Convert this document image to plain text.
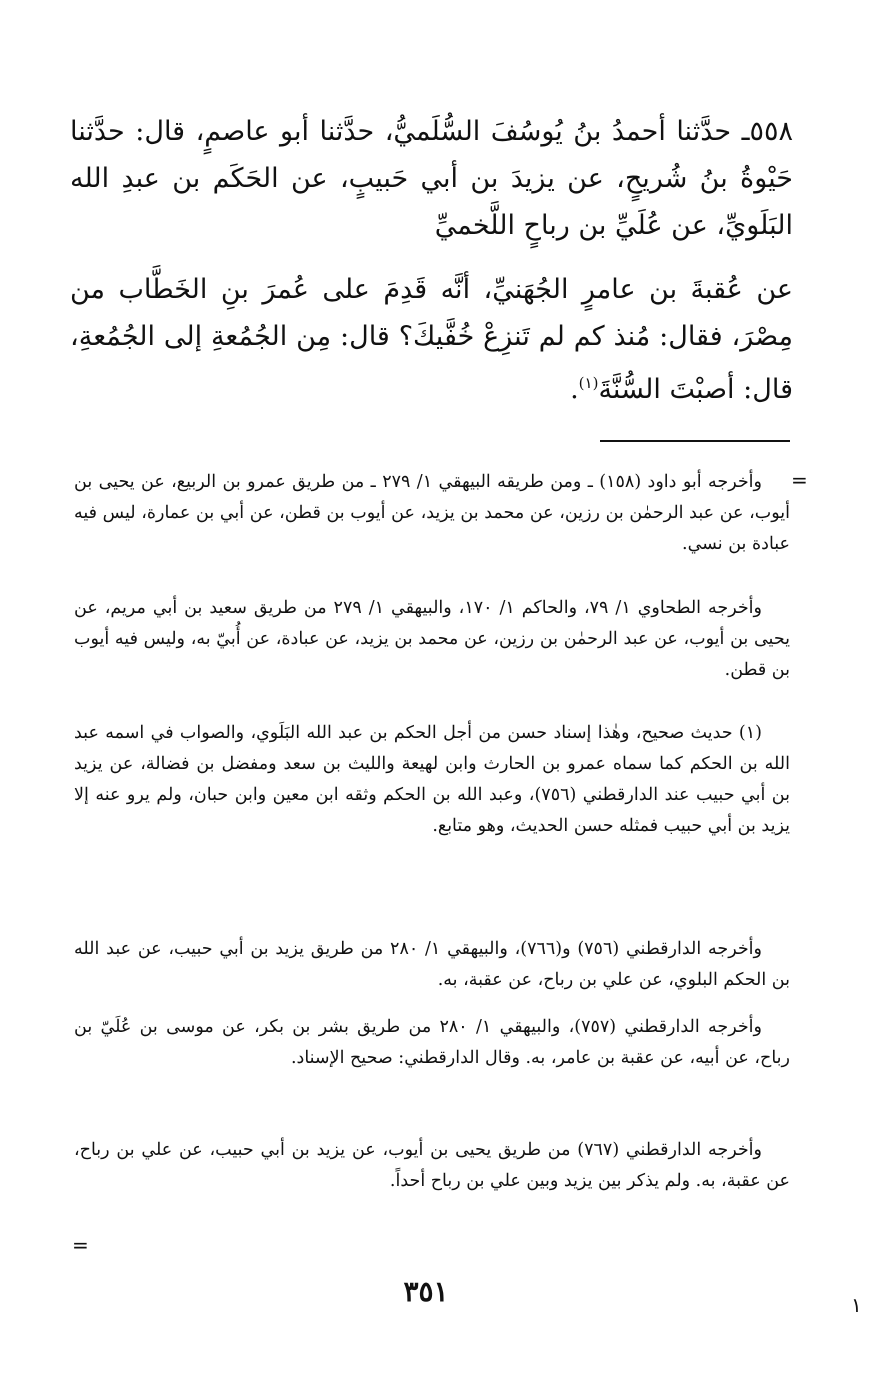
٥٥٨ـ حدَّثنا أحمدُ بنُ يُوسُفَ السُّلَميُّ، حدَّثنا أبو عاصمٍ، قال: حدَّثنا حَيْوةُ بنُ شُريحٍ، عن يزيدَ بن أبي حَبيبٍ، عن الحَكَم بن عبدِ الله البَلَويِّ، عن عُلَيِّ بن رباحٍ اللَّخميِّ

عن عُقبةَ بن عامرٍ الجُهَنيِّ، أنَّه قَدِمَ على عُمرَ بنِ الخَطَّاب من مِصْرَ، فقال: مُنذ كم لم تَنزِعْ خُفَّيكَ؟ قال: مِن الجُمُعةِ إلى الجُمُعةِ، قال: أصبْتَ السُّنَّةَ$^{(١)}$.

=

وأخرجه أبو داود (١٥٨) ـ ومن طريقه البيهقي ١/ ٢٧٩ ـ من طريق عمرو بن الربيع، عن يحيى بن أيوب، عن عبد الرحمٰن بن رزين، عن محمد بن يزيد، عن أيوب بن قطن، عن أبي بن عمارة، ليس فيه عبادة بن نسي.

وأخرجه الطحاوي ١/ ٧٩، والحاكم ١/ ١٧٠، والبيهقي ١/ ٢٧٩ من طريق سعيد بن أبي مريم، عن يحيى بن أيوب، عن عبد الرحمٰن بن رزين، عن محمد بن يزيد، عن عبادة، عن أُبيّ به، وليس فيه أيوب بن قطن.

(١) حديث صحيح، وهٰذا إسناد حسن من أجل الحكم بن عبد الله البَلَوي، والصواب في اسمه عبد الله بن الحكم كما سماه عمرو بن الحارث وابن لهيعة والليث بن سعد ومفضل بن فضالة، عن يزيد بن أبي حبيب عند الدارقطني (٧٥٦)، وعبد الله بن الحكم وثقه ابن معين وابن حبان، ولم يرو عنه إلا يزيد بن أبي حبيب فمثله حسن الحديث، وهو متابع.

وأخرجه الدارقطني (٧٥٦) و(٧٦٦)، والبيهقي ١/ ٢٨٠ من طريق يزيد بن أبي حبيب، عن عبد الله بن الحكم البلوي، عن علي بن رباح، عن عقبة، به.

وأخرجه الدارقطني (٧٥٧)، والبيهقي ١/ ٢٨٠ من طريق بشر بن بكر، عن موسى بن عُلَيّ بن رباح، عن أبيه، عن عقبة بن عامر، به. وقال الدارقطني: صحيح الإسناد.

وأخرجه الدارقطني (٧٦٧) من طريق يحيى بن أيوب، عن يزيد بن أبي حبيب، عن علي بن رباح، عن عقبة، به. ولم يذكر بين يزيد وبين علي بن رباح أحداً.

=
٣٥١	١
